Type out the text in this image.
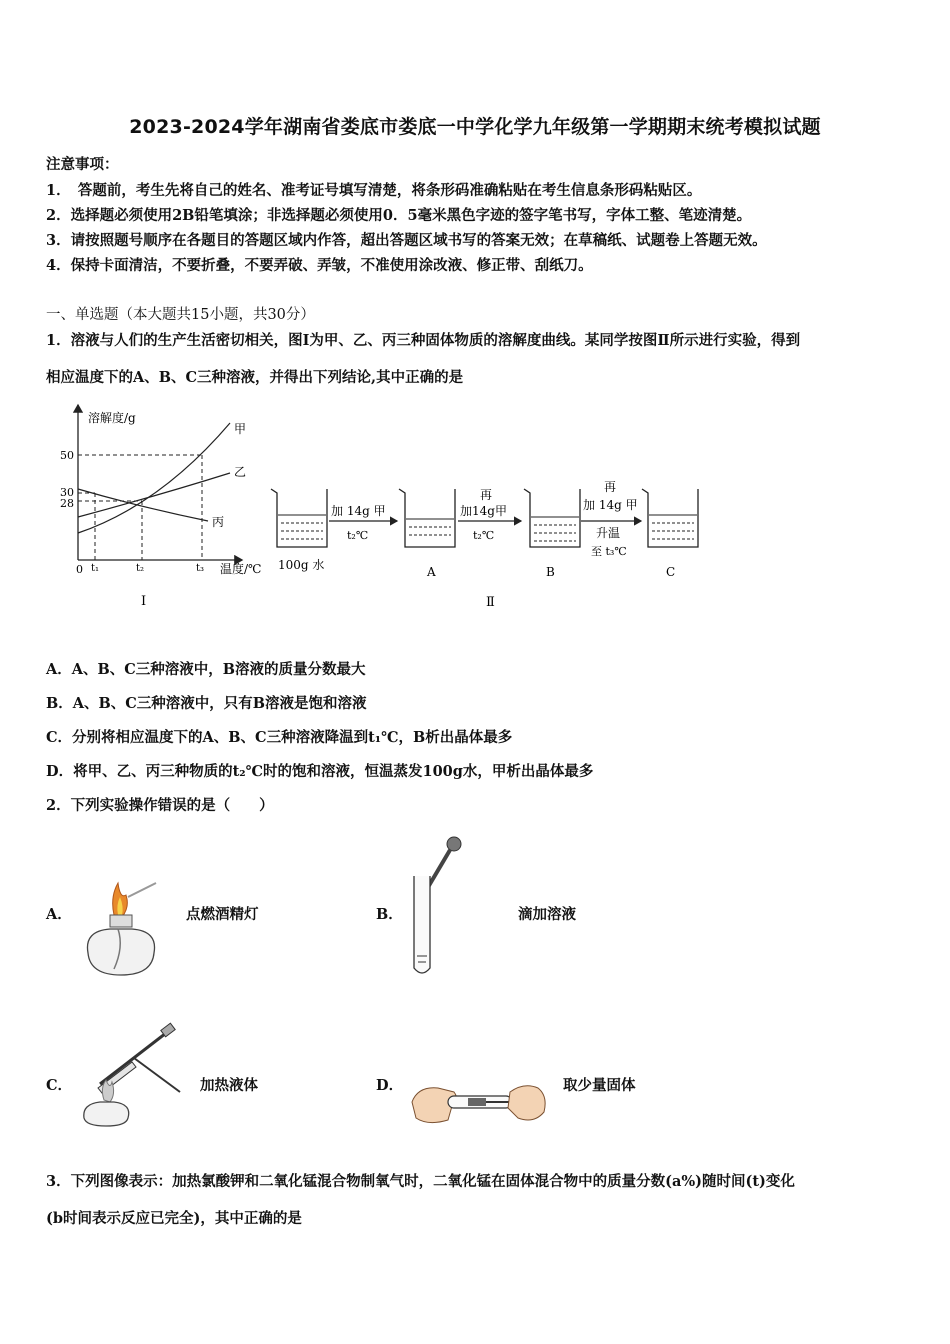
2023-2024学年湖南省娄底市娄底一中学化学九年级第一学期期末统考模拟试题
注意事项：
1．　答题前，考生先将自己的姓名、准考证号填写清楚，将条形码准确粘贴在考生信息条形码粘贴区。
2．选择题必须使用2B铅笔填涂；非选择题必须使用0．5毫米黑色字迹的签字笔书写，字体工整、笔迹清楚。
3．请按照题号顺序在各题目的答题区域内作答，超出答题区域书写的答案无效；在草稿纸、试题卷上答题无效。
4．保持卡面清洁，不要折叠，不要弄破、弄皱，不准使用涂改液、修正带、刮纸刀。
一、单选题（本大题共15小题，共30分）
1．溶液与人们的生产生活密切相关，图Ⅰ为甲、乙、丙三种固体物质的溶解度曲线。某同学按图Ⅱ所示进行实验，得到
相应温度下的A、B、C三种溶液，并得出下列结论,其中正确的是
溶解度/g
温度/℃
0
50
30
28
t₁	t₂	t₃
甲
乙
丙
Ⅰ
100g 水
加 14g 甲
t₂℃
A
再
加14g甲
t₂℃
B
再
加 14g 甲
升温
至 t₃℃
C
Ⅱ
A．A、B、C三种溶液中，B溶液的质量分数最大
B．A、B、C三种溶液中，只有B溶液是饱和溶液
C．分别将相应温度下的A、B、C三种溶液降温到t₁℃，B析出晶体最多
D．将甲、乙、丙三种物质的t₂℃时的饱和溶液，恒温蒸发100g水，甲析出晶体最多
2．下列实验操作错误的是（　　）
A．	点燃酒精灯	B．	滴加溶液
C．	加热液体	D．	取少量固体
3．下列图像表示：加热氯酸钾和二氧化锰混合物制氧气时，二氧化锰在固体混合物中的质量分数(a%)随时间(t)变化
(b时间表示反应已完全)，其中正确的是
